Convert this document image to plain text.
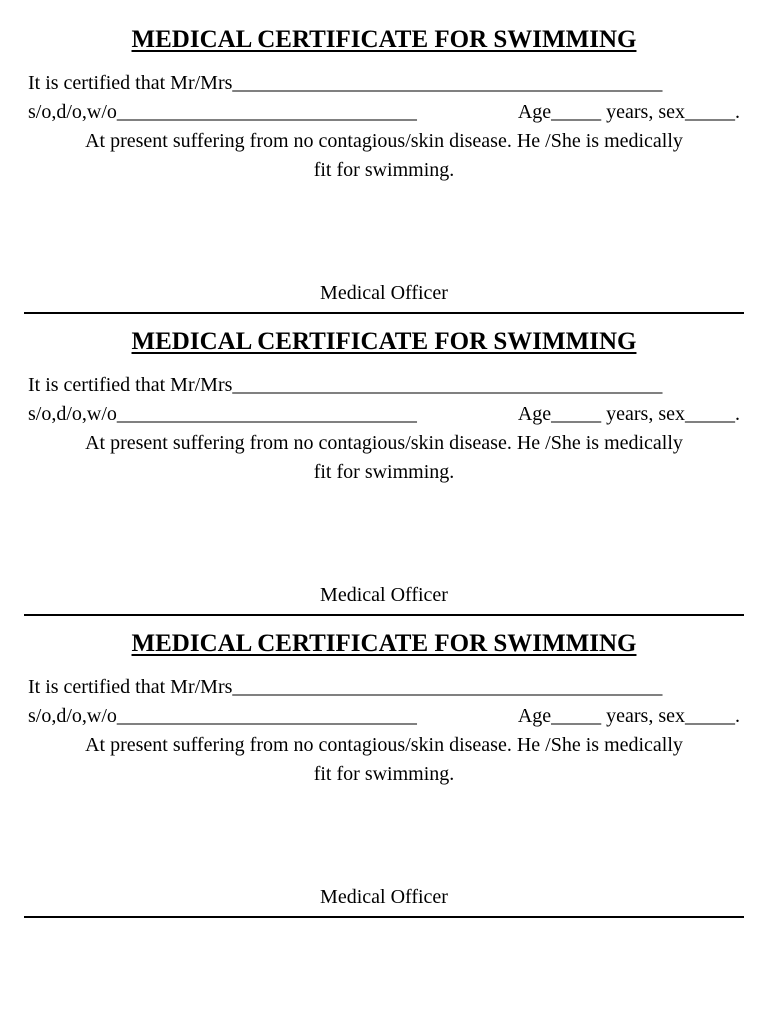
MEDICAL CERTIFICATE FOR SWIMMING
It is certified that Mr/Mrs___________________________________________
s/o,d/o,w/o______________________________	Age_____ years, sex_____.
At present suffering from no contagious/skin disease. He /She is medically
fit for swimming.
Medical Officer
MEDICAL CERTIFICATE FOR SWIMMING
It is certified that Mr/Mrs___________________________________________
s/o,d/o,w/o______________________________	Age_____ years, sex_____.
At present suffering from no contagious/skin disease. He /She is medically
fit for swimming.
Medical Officer
MEDICAL CERTIFICATE FOR SWIMMING
It is certified that Mr/Mrs___________________________________________
s/o,d/o,w/o______________________________	Age_____ years, sex_____.
At present suffering from no contagious/skin disease. He /She is medically
fit for swimming.
Medical Officer
